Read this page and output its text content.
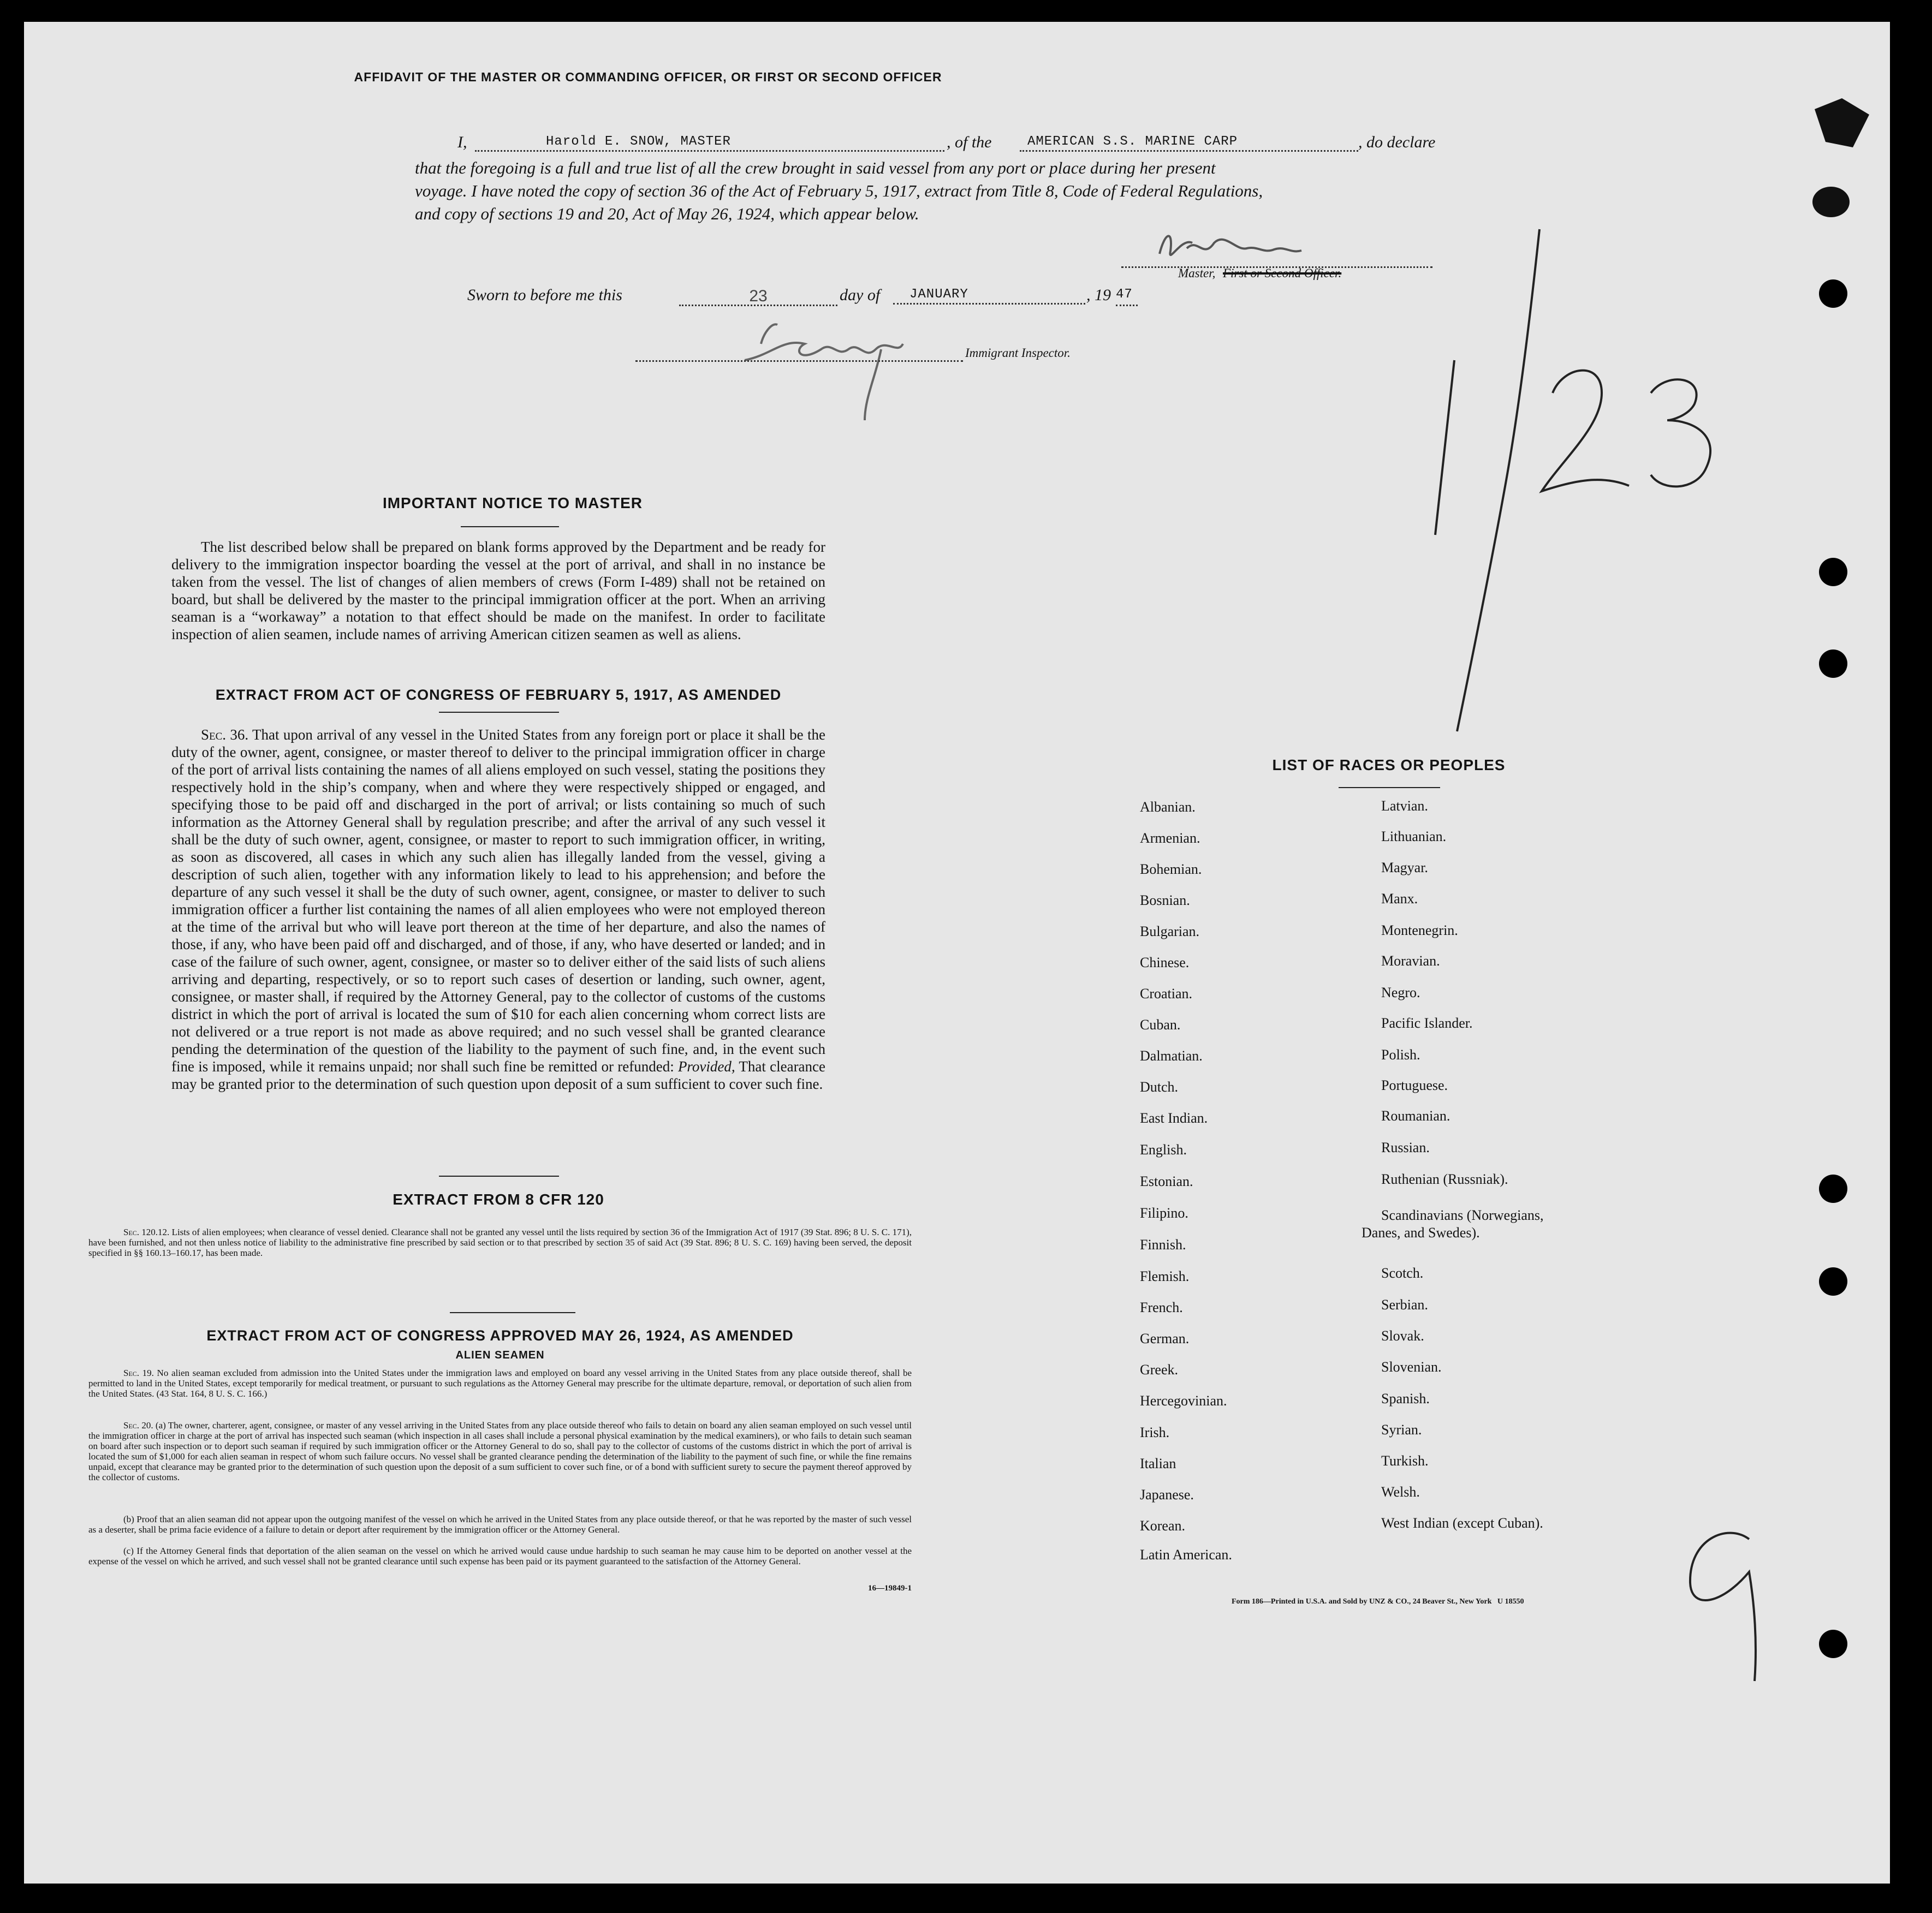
AFFIDAVIT OF THE MASTER OR COMMANDING OFFICER, OR FIRST OR SECOND OFFICER
I,	Harold E. SNOW, MASTER	, of the	AMERICAN S.S. MARINE CARP	, do declare
that the foregoing is a full and true list of all the crew brought in said vessel from any port or place during her present
voyage. I have noted the copy of section 36 of the Act of February 5, 1917, extract from Title 8, Code of Federal Regulations,
and copy of sections 19 and 20, Act of May 26, 1924, which appear below.
Master, First or Second Officer.
Sworn to before me this	23	day of	JANUARY	, 19 47
Immigrant Inspector.
IMPORTANT NOTICE TO MASTER
The list described below shall be prepared on blank forms approved by the Department and be ready for delivery to the immigration inspector boarding the vessel at the port of arrival, and shall in no instance be taken from the vessel. The list of changes of alien members of crews (Form I-489) shall not be retained on board, but shall be delivered by the master to the principal immigration officer at the port. When an arriving seaman is a “workaway” a notation to that effect should be made on the manifest. In order to facilitate inspection of alien seamen, include names of arriving American citizen seamen as well as aliens.
EXTRACT FROM ACT OF CONGRESS OF FEBRUARY 5, 1917, AS AMENDED
Sec. 36. That upon arrival of any vessel in the United States from any foreign port or place it shall be the duty of the owner, agent, consignee, or master thereof to deliver to the principal immigration officer in charge of the port of arrival lists containing the names of all aliens employed on such vessel, stating the positions they respectively hold in the ship’s company, when and where they were respectively shipped or engaged, and specifying those to be paid off and discharged in the port of arrival; or lists containing so much of such information as the Attorney General shall by regulation prescribe; and after the arrival of any such vessel it shall be the duty of such owner, agent, consignee, or master to report to such immigration officer, in writing, as soon as discovered, all cases in which any such alien has illegally landed from the vessel, giving a description of such alien, together with any information likely to lead to his apprehension; and before the departure of any such vessel it shall be the duty of such owner, agent, consignee, or master to deliver to such immigration officer a further list containing the names of all alien employees who were not employed thereon at the time of the arrival but who will leave port thereon at the time of her departure, and also the names of those, if any, who have been paid off and discharged, and of those, if any, who have deserted or landed; and in case of the failure of such owner, agent, consignee, or master so to deliver either of the said lists of such aliens arriving and departing, respectively, or so to report such cases of desertion or landing, such owner, agent, consignee, or master shall, if required by the Attorney General, pay to the collector of customs of the customs district in which the port of arrival is located the sum of $10 for each alien concerning whom correct lists are not delivered or a true report is not made as above required; and no such vessel shall be granted clearance pending the determination of the question of the liability to the payment of such fine, and, in the event such fine is imposed, while it remains unpaid; nor shall such fine be remitted or refunded: Provided, That clearance may be granted prior to the determination of such question upon deposit of a sum sufficient to cover such fine.
EXTRACT FROM 8 CFR 120
Sec. 120.12. Lists of alien employees; when clearance of vessel denied. Clearance shall not be granted any vessel until the lists required by section 36 of the Immigration Act of 1917 (39 Stat. 896; 8 U. S. C. 171), have been furnished, and not then unless notice of liability to the administrative fine prescribed by said section or to that prescribed by section 35 of said Act (39 Stat. 896; 8 U. S. C. 169) having been served, the deposit specified in §§ 160.13–160.17, has been made.
EXTRACT FROM ACT OF CONGRESS APPROVED MAY 26, 1924, AS AMENDED
ALIEN SEAMEN
Sec. 19. No alien seaman excluded from admission into the United States under the immigration laws and employed on board any vessel arriving in the United States from any place outside thereof, shall be permitted to land in the United States, except temporarily for medical treatment, or pursuant to such regulations as the Attorney General may prescribe for the ultimate departure, removal, or deportation of such alien from the United States. (43 Stat. 164, 8 U. S. C. 166.)
Sec. 20. (a) The owner, charterer, agent, consignee, or master of any vessel arriving in the United States from any place outside thereof who fails to detain on board any alien seaman employed on such vessel until the immigration officer in charge at the port of arrival has inspected such seaman (which inspection in all cases shall include a personal physical examination by the medical examiners), or who fails to detain such seaman on board after such inspection or to deport such seaman if required by such immigration officer or the Attorney General to do so, shall pay to the collector of customs of the customs district in which the port of arrival is located the sum of $1,000 for each alien seaman in respect of whom such failure occurs. No vessel shall be granted clearance pending the determination of the liability to the payment of such fine, or while the fine remains unpaid, except that clearance may be granted prior to the determination of such question upon the deposit of a sum sufficient to cover such fine, or of a bond with sufficient surety to secure the payment thereof approved by the collector of customs.
(b) Proof that an alien seaman did not appear upon the outgoing manifest of the vessel on which he arrived in the United States from any place outside thereof, or that he was reported by the master of such vessel as a deserter, shall be prima facie evidence of a failure to detain or deport after requirement by the immigration officer or the Attorney General.
(c) If the Attorney General finds that deportation of the alien seaman on the vessel on which he arrived would cause undue hardship to such seaman he may cause him to be deported on another vessel at the expense of the vessel on which he arrived, and such vessel shall not be granted clearance until such expense has been paid or its payment guaranteed to the satisfaction of the Attorney General.
16—19849-1
LIST OF RACES OR PEOPLES
Albanian.
Armenian.
Bohemian.
Bosnian.
Bulgarian.
Chinese.
Croatian.
Cuban.
Dalmatian.
Dutch.
East Indian.
English.
Estonian.
Filipino.
Finnish.
Flemish.
French.
German.
Greek.
Hercegovinian.
Irish.
Italian
Japanese.
Korean.
Latin American.
Latvian.
Lithuanian.
Magyar.
Manx.
Montenegrin.
Moravian.
Negro.
Pacific Islander.
Polish.
Portuguese.
Roumanian.
Russian.
Ruthenian (Russniak).
Scandinavians (Norwegians,
Danes, and Swedes).
Scotch.
Serbian.
Slovak.
Slovenian.
Spanish.
Syrian.
Turkish.
Welsh.
West Indian (except Cuban).
Form 186—Printed in U.S.A. and Sold by UNZ & CO., 24 Beaver St., New York   U 18550
